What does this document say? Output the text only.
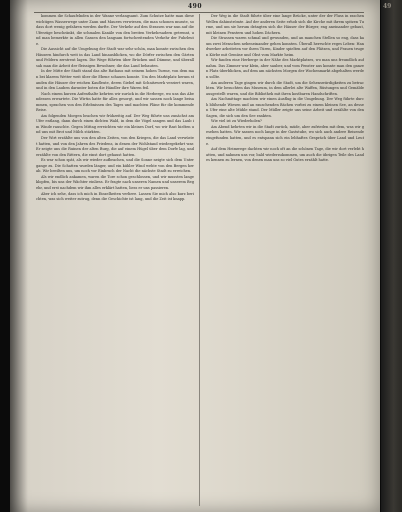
490

kommen die Schaufelnden in der Wanne verlangsamt. Zum Schutze hatte man diese wichtigen Wasserwege unter Zaun und Mauern verwiesen, die man schonen musste, so dass dort wenig gefahren werden durfte. Der Verkehr auf den Strassen war nun auf die Uferzüge beschränkt, die schmalen Kanäle von den breiten Verkehrsadern getrennt, und man bemerkte in allen Gassen den langsam fortschreitenden Verkehr der Fuhrleute.

Die Aussicht auf die Umgebung der Stadt war sehr schön, man konnte zwischen den Häusern hindurch weit in das Land hinausblicken, wo die Dörfer zwischen den Gärten und Feldern zerstreut lagen. Die Wege führten über Brücken und Dämme, und überall sah man die Arbeit der fleissigen Bewohner, die das Land bebauten.

In der Mitte der Stadt stand das alte Rathaus mit seinem hohen Turme, von dem man bei klarem Wetter weit über die Ebene schauen konnte. Um den Marktplatz herum standen die Häuser der reichen Kaufleute, deren Giebel mit Schnitzwerk verziert waren, und in den Lauben darunter boten die Händler ihre Waren feil.

Nach einem kurzen Aufenthalte kehrten wir zurück in die Herberge, wo uns das Abendessen erwartete. Die Wirtin hatte für alles gesorgt, und wir sassen noch lange beisammen, sprachen von den Erlebnissen des Tages und machten Pläne für die kommende Reise.

Am folgenden Morgen brachen wir frühzeitig auf. Der Weg führte uns zunächst am Ufer entlang, dann durch einen dichten Wald, in dem die Vögel sangen und das Laub im Winde rauschte. Gegen Mittag erreichten wir ein kleines Dorf, wo wir Rast hielten und uns mit Brot und Milch stärkten.

Der Wirt erzählte uns von den alten Zeiten, von den Kriegen, die das Land verwüstet hatten, und von den Jahren des Friedens, in denen der Wohlstand wiedergekehrt war. Er zeigte uns die Ruinen der alten Burg, die auf einem Hügel über dem Dorfe lag, und erzählte von den Rittern, die einst dort gehaust hatten.

Es war schon spät, als wir wieder aufbrachen, und die Sonne neigte sich dem Untergange zu. Die Schatten wurden länger, und ein kühler Wind wehte von den Bergen herab. Wir beeilten uns, um noch vor Einbruch der Nacht die nächste Stadt zu erreichen.

Als wir endlich ankamen, waren die Tore schon geschlossen, und wir mussten lange klopfen, bis uns der Wächter einliess. Er fragte nach unseren Namen und unserem Begehr, und erst nachdem wir ihm alles erklärt hatten, liess er uns passieren.

Aber ich sehe, dass ich mich in Einzelheiten verliere. Lassen Sie mich also kurz berichten, was sich weiter zutrug, denn die Geschichte ist lang, und die Zeit ist knapp.

Der Weg in die Stadt führte über eine lange Brücke, unter der der Fluss in raschen Wellen dahinströmte. Auf der anderen Seite erhob sich die Kirche mit ihrem spitzen Turme, und um sie herum drängten sich die Häuser der Bürger, eng aneinander gebaut, mit kleinen Fenstern und hohen Dächern.

Die Strassen waren schmal und gewunden, und an manchen Stellen so eng, dass kaum zwei Menschen nebeneinander gehen konnten. Überall herrschte reges Leben: Handwerker arbeiteten vor ihren Türen, Kinder spielten auf den Plätzen, und Frauen trugen Körbe mit Gemüse und Obst vom Markte heim.

Wir fanden eine Herberge in der Nähe des Marktplatzes, wo man uns freundlich aufnahm. Das Zimmer war klein, aber sauber, und vom Fenster aus konnte man den ganzen Platz überblicken, auf dem am nächsten Morgen der Wochenmarkt abgehalten werden sollte.

Am anderen Tage gingen wir durch die Stadt, um die Sehenswürdigkeiten zu betrachten. Wir besuchten das Museum, in dem allerlei alte Waffen, Rüstungen und Gemälde ausgestellt waren, und die Bibliothek mit ihren kostbaren Handschriften.

Am Nachmittage machten wir einen Ausflug in die Umgebung. Der Weg führte durch blühende Wiesen und an rauschenden Bächen vorbei zu einem kleinen See, an dessen Ufer eine alte Mühle stand. Der Müller zeigte uns seine Arbeit und erzählte von den Sagen, die sich um den See rankten.

Wie viel ist zu Wiederholen?

Am Abend kehrten wir in die Stadt zurück, müde, aber zufrieden mit dem, was wir gesehen hatten. Wir sassen noch lange in der Gaststube, wo sich auch andere Reisende eingefunden hatten, und es entspann sich ein lebhaftes Gespräch über Land und Leute.

Auf dem Heimwege dachten wir noch oft an die schönen Tage, die wir dort verlebt hatten, und nahmen uns vor, bald wiederzukommen, um auch die übrigen Teile des Landes kennen zu lernen, von denen man uns so viel Gutes erzählt hatte.

49
